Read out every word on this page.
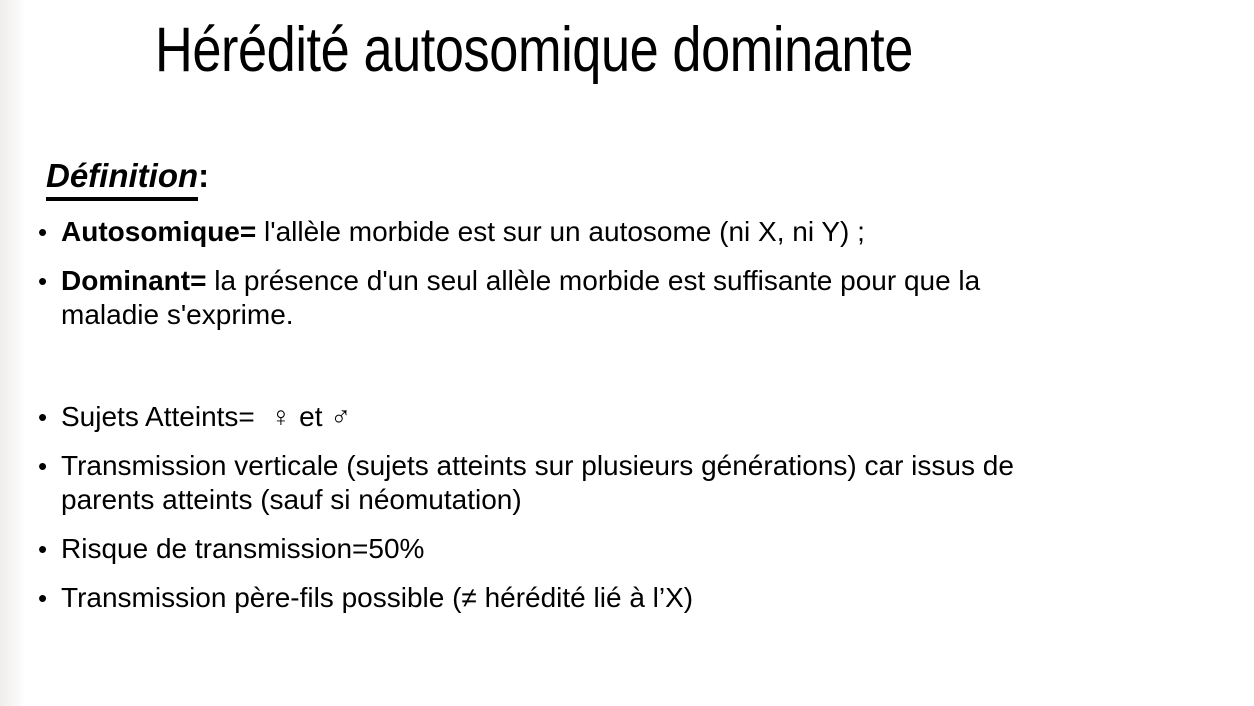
Hérédité autosomique dominante
Définition:
• Autosomique= l'allèle morbide est sur un autosome (ni X, ni Y) ;
• Dominant= la présence d'un seul allèle morbide est suffisante pour que la
maladie s'exprime.
• Sujets Atteints=  ♀ et ♂
• Transmission verticale (sujets atteints sur plusieurs générations) car issus de
parents atteints (sauf si néomutation)
• Risque de transmission=50%
• Transmission père-fils possible (≠ hérédité lié à l’X)
